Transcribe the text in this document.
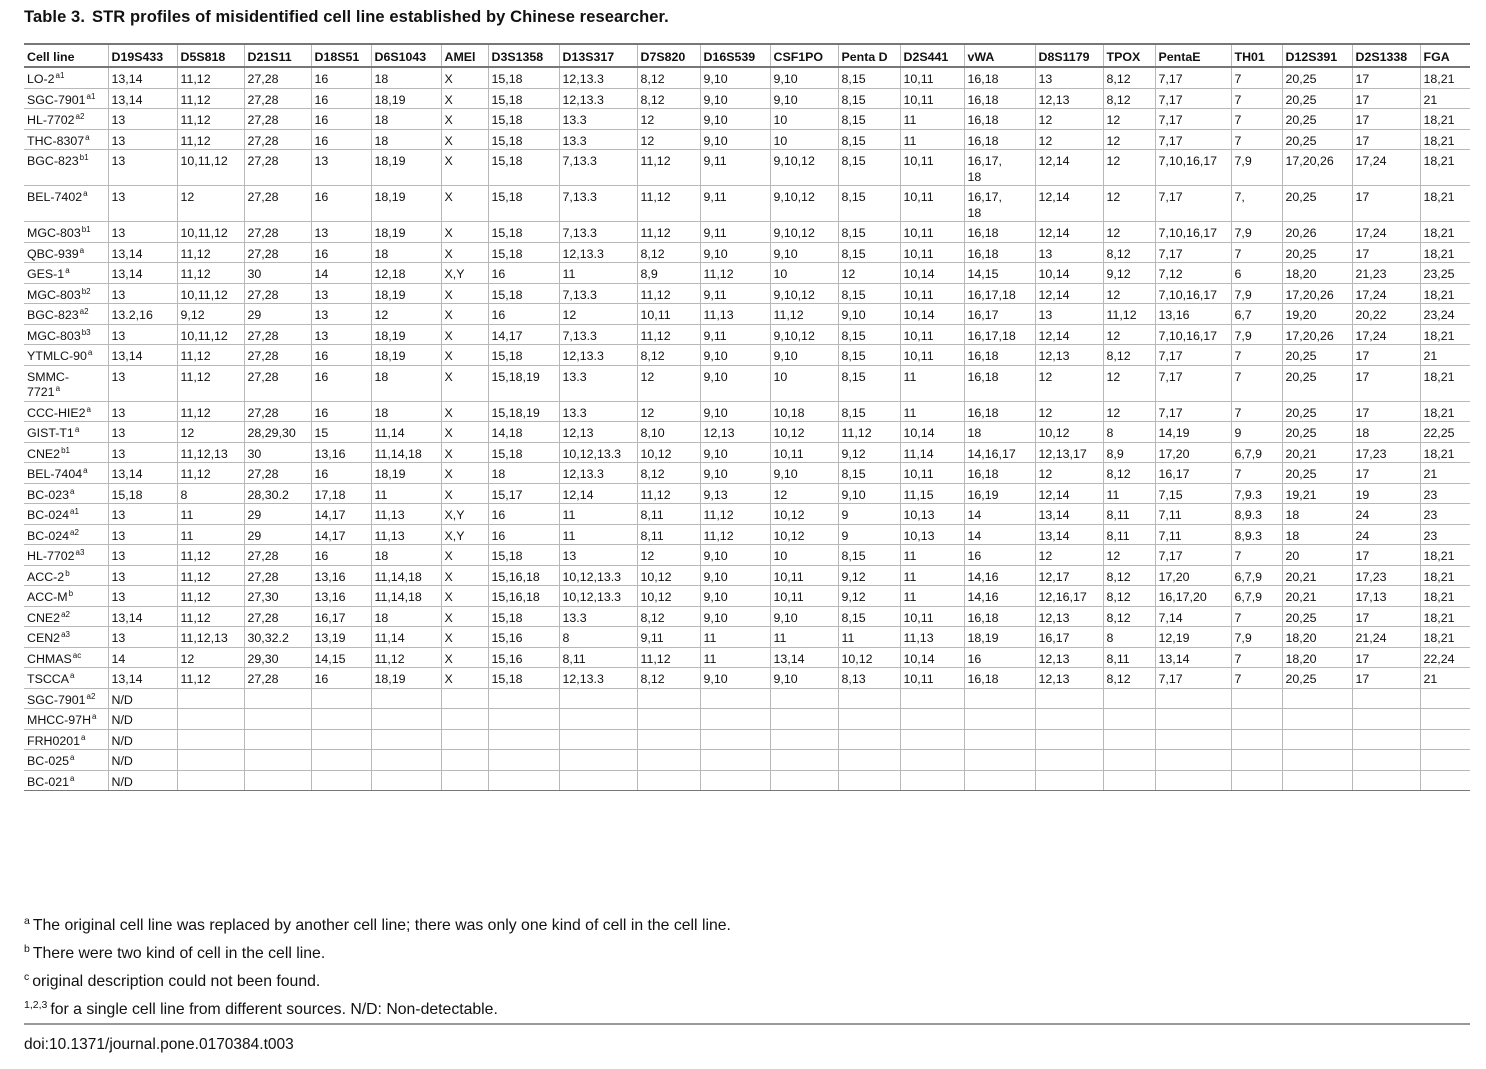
Table 3. STR profiles of misidentified cell line established by Chinese researcher.
Cell line	D19S433	D5S818	D21S11	D18S51	D6S1043	AMEl	D3S1358	D13S317	D7S820	D16S539	CSF1PO	Penta D	D2S441	vWA	D8S1179	TPOX	PentaE	TH01	D12S391	D2S1338	FGA
$LO-2^{a1}$	13,14	11,12	27,28	16	18	X	15,18	12,13.3	8,12	9,10	9,10	8,15	10,11	16,18	13	8,12	7,17	7	20,25	17	18,21
SGC-$7901^{a1}$	13,14	11,12	27,28	16	18,19	X	15,18	12,13.3	8,12	9,10	9,10	8,15	10,11	16,18	12,13	8,12	7,17	7	20,25	17	21
$HL-7702^{a2}$	13	11,12	27,28	16	18	X	15,18	13.3	12	9,10	10	8,15	11	16,18	12	12	7,17	7	20,25	17	18,21
THC-8307$^a$	13	11,12	27,28	16	18	X	15,18	13.3	12	9,10	10	8,15	11	16,18	12	12	7,17	7	20,25	17	18,21
BGC-$823^{b1}$	13	10,11,12	27,28	13	18,19	X	15,18	7,13.3	11,12	9,11	9,10,12	8,15	10,11	16,17,
18	12,14	12	7,10,16,17	7,9	17,20,26	17,24	18,21
BEL-7402$^a$	13	12	27,28	16	18,19	X	15,18	7,13.3	11,12	9,11	9,10,12	8,15	10,11	16,17,
18	12,14	12	7,17	7,	20,25	17	18,21
MGC-$803^{b1}$	13	10,11,12	27,28	13	18,19	X	15,18	7,13.3	11,12	9,11	9,10,12	8,15	10,11	16,18	12,14	12	7,10,16,17	7,9	20,26	17,24	18,21
QBC-939$^a$	13,14	11,12	27,28	16	18	X	15,18	12,13.3	8,12	9,10	9,10	8,15	10,11	16,18	13	8,12	7,17	7	20,25	17	18,21
GES-1$^a$	13,14	11,12	30	14	12,18	X,Y	16	11	8,9	11,12	10	12	10,14	14,15	10,14	9,12	7,12	6	18,20	21,23	23,25
MGC-$803^{b2}$	13	10,11,12	27,28	13	18,19	X	15,18	7,13.3	11,12	9,11	9,10,12	8,15	10,11	16,17,18	12,14	12	7,10,16,17	7,9	17,20,26	17,24	18,21
BGC-$823^{a2}$	13.2,16	9,12	29	13	12	X	16	12	10,11	11,13	11,12	9,10	10,14	16,17	13	11,12	13,16	6,7	19,20	20,22	23,24
MGC-$803^{b3}$	13	10,11,12	27,28	13	18,19	X	14,17	7,13.3	11,12	9,11	9,10,12	8,15	10,11	16,17,18	12,14	12	7,10,16,17	7,9	17,20,26	17,24	18,21
YTMLC-90$^a$	13,14	11,12	27,28	16	18,19	X	15,18	12,13.3	8,12	9,10	9,10	8,15	10,11	16,18	12,13	8,12	7,17	7	20,25	17	21
SMMC-
7721$^a$	13	11,12	27,28	16	18	X	15,18,19	13.3	12	9,10	10	8,15	11	16,18	12	12	7,17	7	20,25	17	18,21
CCC-HIE2$^a$	13	11,12	27,28	16	18	X	15,18,19	13.3	12	9,10	10,18	8,15	11	16,18	12	12	7,17	7	20,25	17	18,21
GIST-T1$^a$	13	12	28,29,30	15	11,14	X	14,18	12,13	8,10	12,13	10,12	11,12	10,14	18	10,12	8	14,19	9	20,25	18	22,25
$CNE2^{b1}$	13	11,12,13	30	13,16	11,14,18	X	15,18	10,12,13.3	10,12	9,10	10,11	9,12	11,14	14,16,17	12,13,17	8,9	17,20	6,7,9	20,21	17,23	18,21
BEL-7404$^a$	13,14	11,12	27,28	16	18,19	X	18	12,13.3	8,12	9,10	9,10	8,15	10,11	16,18	12	8,12	16,17	7	20,25	17	21
BC-023$^a$	15,18	8	28,30.2	17,18	11	X	15,17	12,14	11,12	9,13	12	9,10	11,15	16,19	12,14	11	7,15	7,9.3	19,21	19	23
$BC-024^{a1}$	13	11	29	14,17	11,13	X,Y	16	11	8,11	11,12	10,12	9	10,13	14	13,14	8,11	7,11	8,9.3	18	24	23
$BC-024^{a2}$	13	11	29	14,17	11,13	X,Y	16	11	8,11	11,12	10,12	9	10,13	14	13,14	8,11	7,11	8,9.3	18	24	23
$HL-7702^{a3}$	13	11,12	27,28	16	18	X	15,18	13	12	9,10	10	8,15	11	16	12	12	7,17	7	20	17	18,21
ACC-2$^b$	13	11,12	27,28	13,16	11,14,18	X	15,16,18	10,12,13.3	10,12	9,10	10,11	9,12	11	14,16	12,17	8,12	17,20	6,7,9	20,21	17,23	18,21
ACC-$M^b$	13	11,12	27,30	13,16	11,14,18	X	15,16,18	10,12,13.3	10,12	9,10	10,11	9,12	11	14,16	12,16,17	8,12	16,17,20	6,7,9	20,21	17,13	18,21
$CNE2^{a2}$	13,14	11,12	27,28	16,17	18	X	15,18	13.3	8,12	9,10	9,10	8,15	10,11	16,18	12,13	8,12	7,14	7	20,25	17	18,21
$CEN2^{a3}$	13	11,12,13	30,32.2	13,19	11,14	X	15,16	8	9,11	11	11	11	11,13	18,19	16,17	8	12,19	7,9	18,20	21,24	18,21
$CHMAS^{ac}$	14	12	29,30	14,15	11,12	X	15,16	8,11	11,12	11	13,14	10,12	10,14	16	12,13	8,11	13,14	7	18,20	17	22,24
TSCCA$^a$	13,14	11,12	27,28	16	18,19	X	15,18	12,13.3	8,12	9,10	9,10	8,13	10,11	16,18	12,13	8,12	7,17	7	20,25	17	21
SGC-$7901^{a2}$	N/D																				
MHCC-$97H^a$	N/D																				
FRH0201$^a$	N/D																				
BC-025$^a$	N/D																				
BC-021$^a$	N/D																				
$^a$ The original cell line was replaced by another cell line; there was only one kind of cell in the cell line.
$^b$ There were two kind of cell in the cell line.
$^c$ original description could not been found.
$^{1,2,3}$ for a single cell line from different sources. N/D: Non-detectable.
doi:10.1371/journal.pone.0170384.t003
